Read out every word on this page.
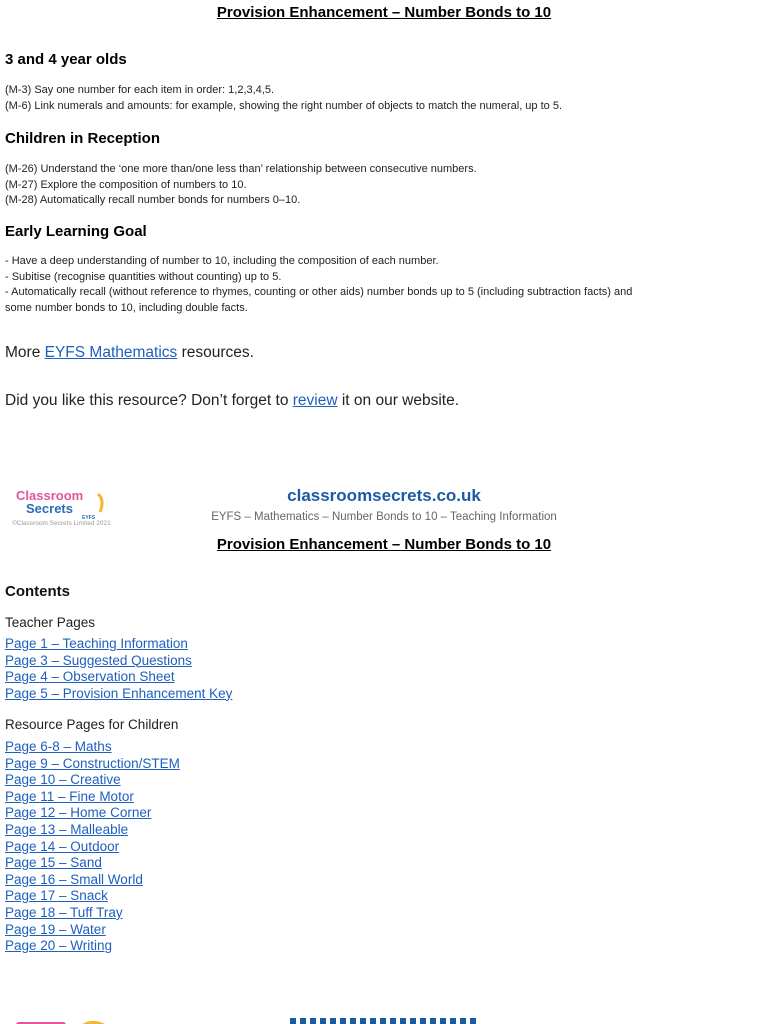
Provision Enhancement – Number Bonds to 10
3 and 4 year olds
(M-3) Say one number for each item in order: 1,2,3,4,5.
(M-6) Link numerals and amounts: for example, showing the right number of objects to match the numeral, up to 5.
Children in Reception
(M-26) Understand the ‘one more than/one less than’ relationship between consecutive numbers.
(M-27) Explore the composition of numbers to 10.
(M-28) Automatically recall number bonds for numbers 0–10.
Early Learning Goal
- Have a deep understanding of number to 10, including the composition of each number.
- Subitise (recognise quantities without counting) up to 5.
- Automatically recall (without reference to rhymes, counting or other aids) number bonds up to 5 (including subtraction facts) and
some number bonds to 10, including double facts.
More EYFS Mathematics resources.
Did you like this resource? Don’t forget to review it on our website.
Classroom
Secrets
EYFS
©Classroom Secrets Limited 2021
classroomsecrets.co.uk
EYFS – Mathematics – Number Bonds to 10 – Teaching Information
Provision Enhancement – Number Bonds to 10
Contents
Teacher Pages
Page 1 – Teaching Information
Page 3 – Suggested Questions
Page 4 – Observation Sheet
Page 5 – Provision Enhancement Key
Resource Pages for Children
Page 6-8 – Maths
Page 9 – Construction/STEM
Page 10 – Creative
Page 11 – Fine Motor
Page 12 – Home Corner
Page 13 – Malleable
Page 14 – Outdoor
Page 15 – Sand
Page 16 – Small World
Page 17 – Snack
Page 18 – Tuff Tray
Page 19 – Water
Page 20 – Writing
